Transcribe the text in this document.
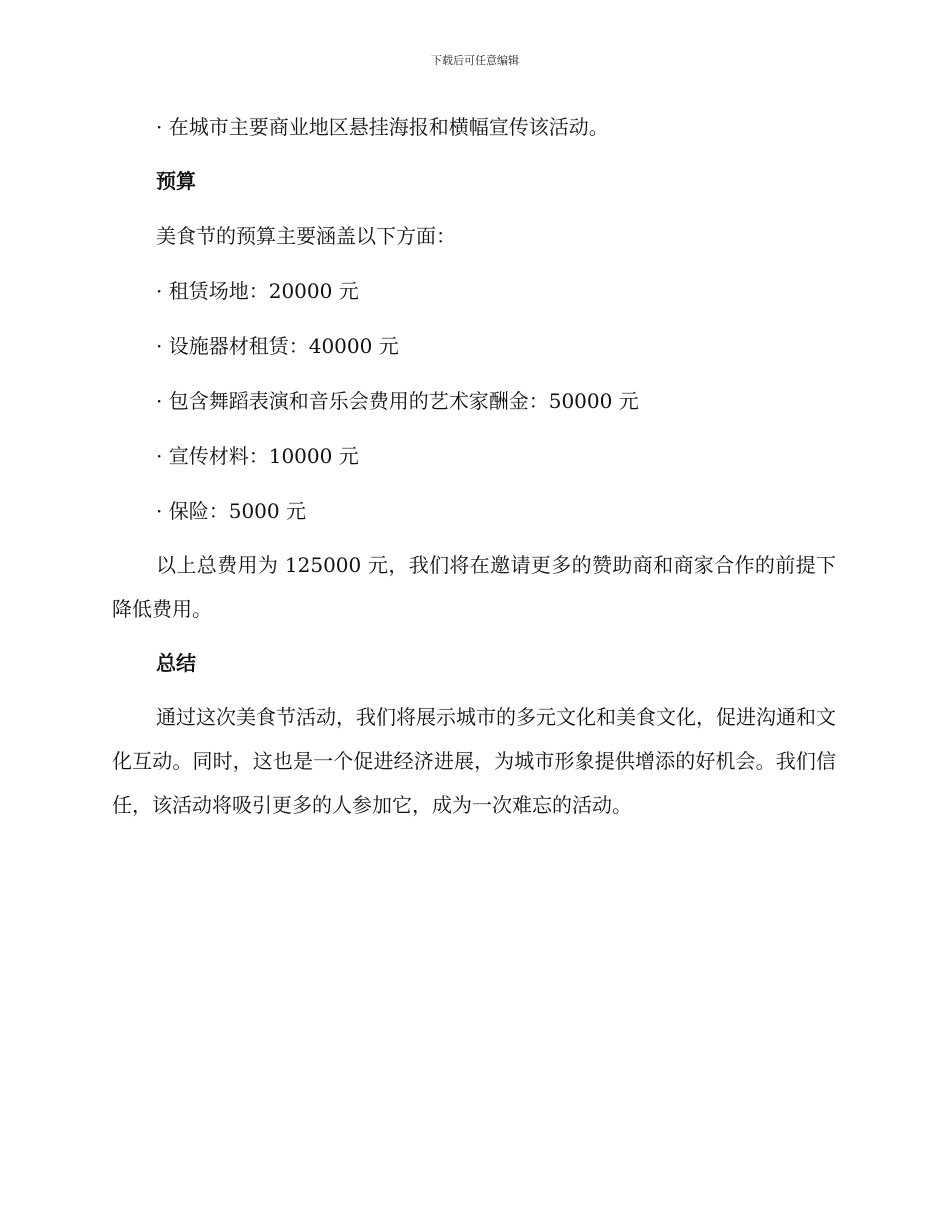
下载后可任意编辑
· 在城市主要商业地区悬挂海报和横幅宣传该活动。
预算
美食节的预算主要涵盖以下方面：
· 租赁场地：20000 元
· 设施器材租赁：40000 元
· 包含舞蹈表演和音乐会费用的艺术家酬金：50000 元
· 宣传材料：10000 元
· 保险：5000 元
以上总费用为 125000 元，我们将在邀请更多的赞助商和商家合作的前提下降低费用。
总结
通过这次美食节活动，我们将展示城市的多元文化和美食文化，促进沟通和文化互动。同时，这也是一个促进经济进展，为城市形象提供增添的好机会。我们信任，该活动将吸引更多的人参加它，成为一次难忘的活动。
